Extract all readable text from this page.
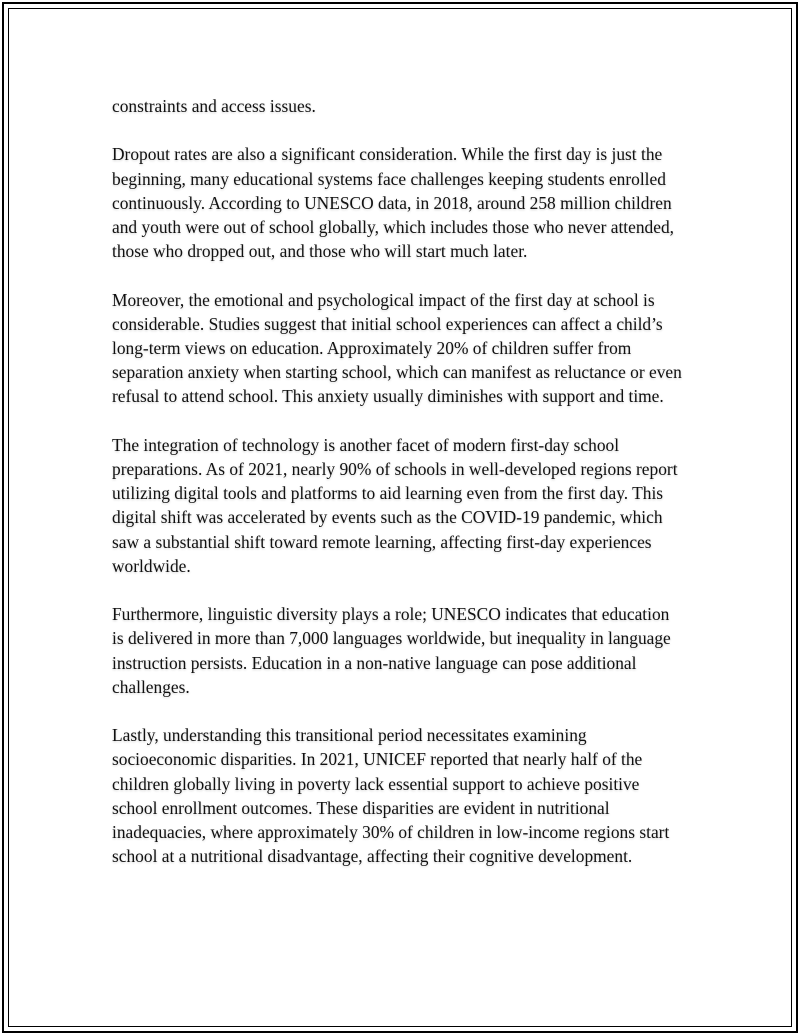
constraints and access issues.

Dropout rates are also a significant consideration. While the first day is just the beginning, many educational systems face challenges keeping students enrolled continuously. According to UNESCO data, in 2018, around 258 million children and youth were out of school globally, which includes those who never attended, those who dropped out, and those who will start much later.

Moreover, the emotional and psychological impact of the first day at school is considerable. Studies suggest that initial school experiences can affect a child’s long-term views on education. Approximately 20% of children suffer from separation anxiety when starting school, which can manifest as reluctance or even refusal to attend school. This anxiety usually diminishes with support and time.

The integration of technology is another facet of modern first-day school preparations. As of 2021, nearly 90% of schools in well-developed regions report utilizing digital tools and platforms to aid learning even from the first day. This digital shift was accelerated by events such as the COVID-19 pandemic, which saw a substantial shift toward remote learning, affecting first-day experiences worldwide.

Furthermore, linguistic diversity plays a role; UNESCO indicates that education is delivered in more than 7,000 languages worldwide, but inequality in language instruction persists. Education in a non-native language can pose additional challenges.

Lastly, understanding this transitional period necessitates examining socioeconomic disparities. In 2021, UNICEF reported that nearly half of the children globally living in poverty lack essential support to achieve positive school enrollment outcomes. These disparities are evident in nutritional inadequacies, where approximately 30% of children in low-income regions start school at a nutritional disadvantage, affecting their cognitive development.
